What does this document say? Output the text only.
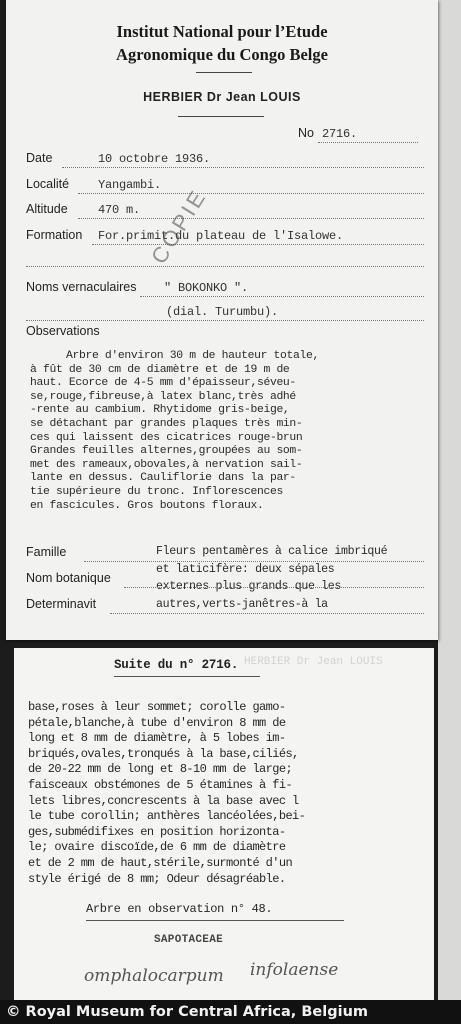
Institut National pour l’Etude
Agronomique du Congo Belge
HERBIER Dr Jean LOUIS
No 2716.
Date	10 octobre 1936.
Localité Yangambi.
Altitude	470 m.
Formation For.primit.du plateau de l'Isalowe.
Noms vernaculaires " BOKONKO ".
(dial. Turumbu).
Observations
COPIE
Arbre d'environ 30 m de hauteur totale,
à fût de 30 cm de diamètre et de 19 m de
haut. Ecorce de 4-5 mm d'épaisseur,séveu-
se,rouge,fibreuse,à latex blanc,très adhé
-rente au cambium. Rhytidome gris-beige,
se détachant par grandes plaques très min-
ces qui laissent des cicatrices rouge-brun
Grandes feuilles alternes,groupées au som-
met des rameaux,obovales,à nervation sail-
lante en dessus. Cauliflorie dans la par-
tie supérieure du tronc. Inflorescences
en fascicules. Gros boutons floraux.
Famille
Nom botanique
Determinavit
Fleurs pentamères à calice imbriqué
et laticifère: deux sépales
externes plus grands que les
autres,verts-janêtres-à la
HERBIER Dr Jean LOUIS
Suite du n° 2716.
base,roses à leur sommet; corolle gamo-
pétale,blanche,à tube d'environ 8 mm de
long et 8 mm de diamètre, à 5 lobes im-
briqués,ovales,tronqués à la base,ciliés,
de 20-22 mm de long et 8-10 mm de large;
faisceaux obstémones de 5 étamines à fi-
lets libres,concrescents à la base avec l
le tube corollin; anthères lancéolées,bei-
ges,submédifixes en position horizonta-
le; ovaire discoïde,de 6 mm de diamètre
et de 2 mm de haut,stérile,surmonté d'un
style érigé de 8 mm; Odeur désagréable.
Arbre en observation n° 48.
SAPOTACEAE
omphalocarpum infolaense
© Royal Museum for Central Africa, Belgium
